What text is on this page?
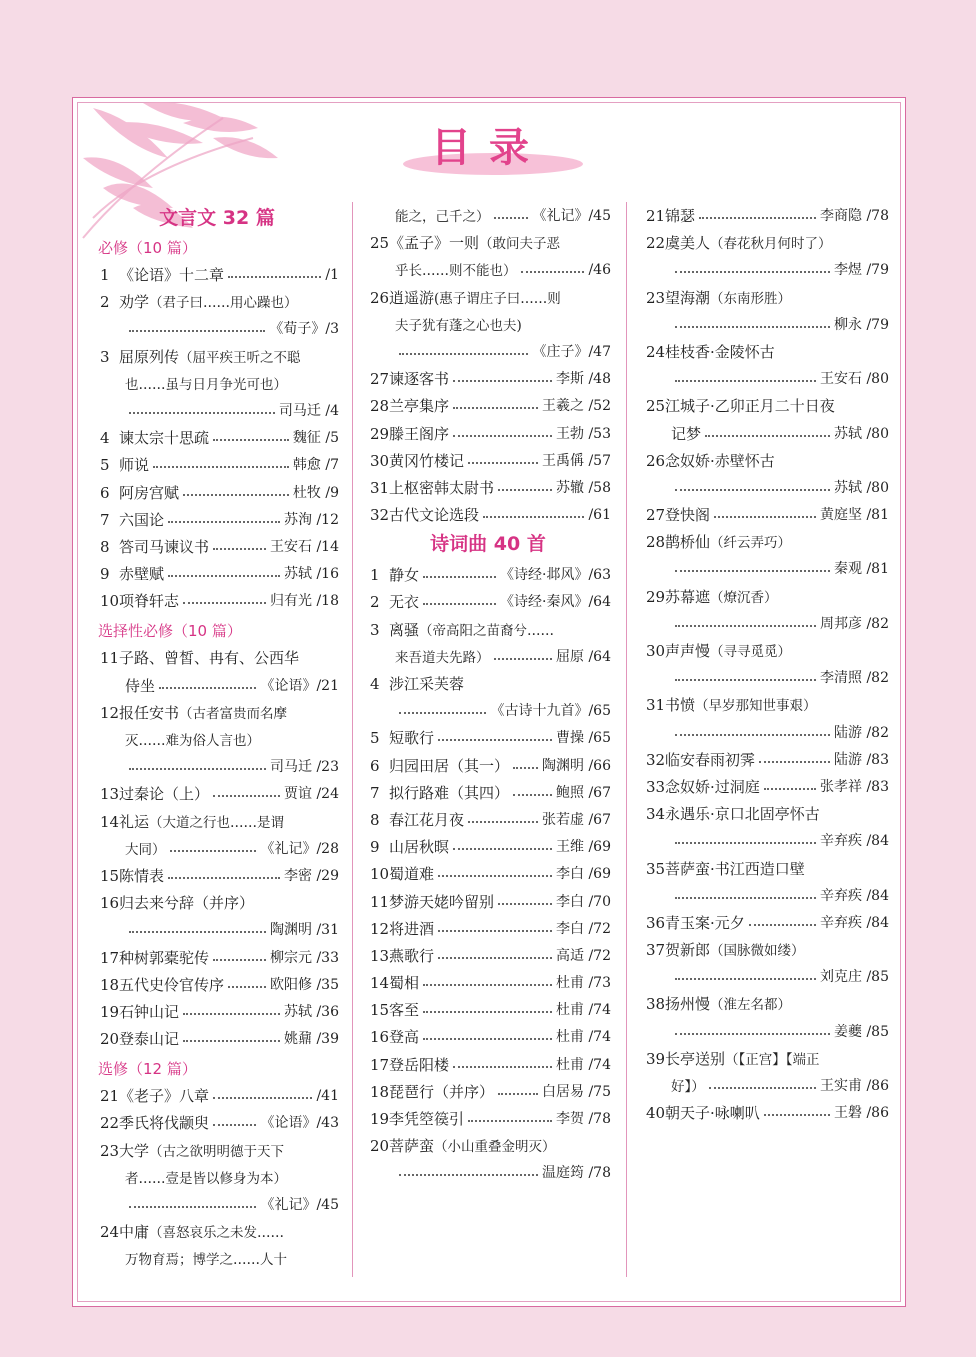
目录
文言文 32 篇
必修（10 篇）
1 《论语》十二章	/1
2 劝学（君子曰……用心躁也）
《荀子》/3
3 屈原列传（屈平疾王听之不聪
也……虽与日月争光可也）
司马迁 /4
4 谏太宗十思疏	魏征 /5
5 师说	韩愈 /7
6 阿房宫赋	杜牧 /9
7 六国论	苏洵 /12
8 答司马谏议书	王安石 /14
9 赤壁赋	苏轼 /16
10 项脊轩志	归有光 /18
选择性必修（10 篇）
11 子路、曾皙、冉有、公西华
侍坐	《论语》/21
12 报任安书（古者富贵而名摩
灭……难为俗人言也）
司马迁 /23
13 过秦论（上）	贾谊 /24
14 礼运（大道之行也……是谓
大同）	《礼记》/28
15 陈情表	李密 /29
16 归去来兮辞（并序）
陶渊明 /31
17 种树郭橐驼传	柳宗元 /33
18 五代史伶官传序	欧阳修 /35
19 石钟山记	苏轼 /36
20 登泰山记	姚鼐 /39
选修（12 篇）
21 《老子》八章	/41
22 季氏将伐颛臾	《论语》/43
23 大学（古之欲明明德于天下
者……壹是皆以修身为本）
《礼记》/45
24 中庸（喜怒哀乐之未发……
万物育焉；博学之……人十
能之，己千之）	《礼记》/45
25 《孟子》一则（敢问夫子恶
乎长……则不能也）	/46
26 逍遥游(惠子谓庄子曰……则
夫子犹有蓬之心也夫)
《庄子》/47
27 谏逐客书	李斯 /48
28 兰亭集序	王羲之 /52
29 滕王阁序	王勃 /53
30 黄冈竹楼记	王禹偁 /57
31 上枢密韩太尉书	苏辙 /58
32 古代文论选段	/61
诗词曲 40 首
1 静女	《诗经·邶风》/63
2 无衣	《诗经·秦风》/64
3 离骚（帝高阳之苗裔兮……
来吾道夫先路）	屈原 /64
4 涉江采芙蓉
《古诗十九首》/65
5 短歌行	曹操 /65
6 归园田居（其一） 陶渊明 /66
7 拟行路难（其四）	鲍照 /67
8 春江花月夜	张若虚 /67
9 山居秋暝	王维 /69
10 蜀道难	李白 /69
11 梦游天姥吟留别	李白 /70
12 将进酒	李白 /72
13 燕歌行	高适 /72
14 蜀相	杜甫 /73
15 客至	杜甫 /74
16 登高	杜甫 /74
17 登岳阳楼	杜甫 /74
18 琵琶行（并序）	白居易 /75
19 李凭箜篌引	李贺 /78
20 菩萨蛮（小山重叠金明灭）
温庭筠 /78
21 锦瑟	李商隐 /78
22 虞美人（春花秋月何时了）
李煜 /79
23 望海潮（东南形胜）
柳永 /79
24 桂枝香·金陵怀古
王安石 /80
25 江城子·乙卯正月二十日夜
记梦	苏轼 /80
26 念奴娇·赤壁怀古
苏轼 /80
27 登快阁	黄庭坚 /81
28 鹊桥仙（纤云弄巧）
秦观 /81
29 苏幕遮（燎沉香）
周邦彦 /82
30 声声慢（寻寻觅觅）
李清照 /82
31 书愤（早岁那知世事艰）
陆游 /82
32 临安春雨初霁	陆游 /83
33 念奴娇·过洞庭	张孝祥 /83
34 永遇乐·京口北固亭怀古
辛弃疾 /84
35 菩萨蛮·书江西造口壁
辛弃疾 /84
36 青玉案·元夕	辛弃疾 /84
37 贺新郎（国脉微如缕）
刘克庄 /85
38 扬州慢（淮左名都）
姜夔 /85
39 长亭送别（【正宫】【端正
好】）	王实甫 /86
40 朝天子·咏喇叭	王磐 /86
